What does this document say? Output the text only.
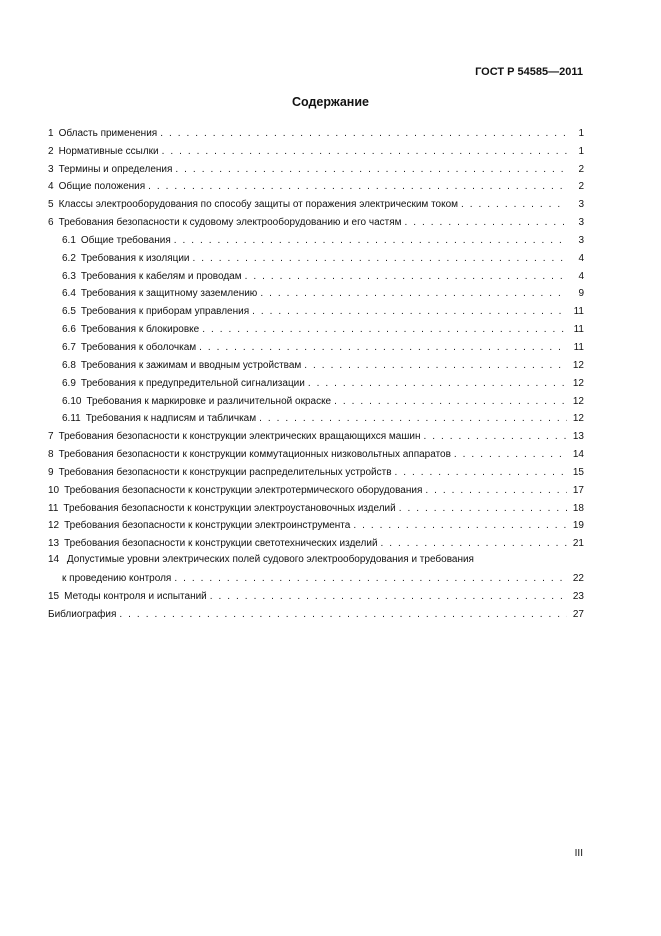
ГОСТ Р 54585—2011
Содержание
1 Область применения . . .	1
2 Нормативные ссылки . . .	1
3 Термины и определения . . .	2
4 Общие положения . . .	2
5 Классы электрооборудования по способу защиты от поражения электрическим током . . .	3
6 Требования безопасности к судовому электрооборудованию и его частям . . .	3
6.1 Общие требования . . .	3
6.2 Требования к изоляции . . .	4
6.3 Требования к кабелям и проводам . . .	4
6.4 Требования к защитному заземлению . . .	9
6.5 Требования к приборам управления . . .	11
6.6 Требования к блокировке . . .	11
6.7 Требования к оболочкам . . .	11
6.8 Требования к зажимам и вводным устройствам . . .	12
6.9 Требования к предупредительной сигнализации . . .	12
6.10 Требования к маркировке и различительной окраске . . .	12
6.11 Требования к надписям и табличкам . . .	12
7 Требования безопасности к конструкции электрических вращающихся машин . . .	13
8 Требования безопасности к конструкции коммутационных низковольтных аппаратов . . .	14
9 Требования безопасности к конструкции распределительных устройств . . .	15
10 Требования безопасности к конструкции электротермического оборудования . . .	17
11 Требования безопасности к конструкции электроустановочных изделий . . .	18
12 Требования безопасности к конструкции электроинструмента . . .	19
13 Требования безопасности к конструкции светотехнических изделий . . .	21
14 Допустимые уровни электрических полей судового электрооборудования и требования
к проведению контроля . . .	22
15 Методы контроля и испытаний . . .	23
Библиография . . .	27
III
